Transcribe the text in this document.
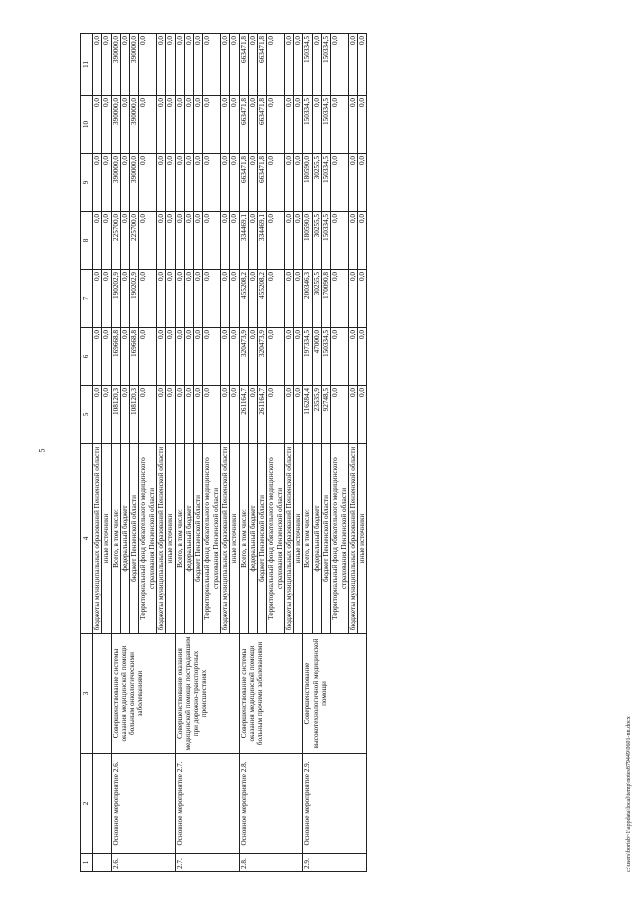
5
1	2	3	4	5	6	7	8	9	10	11
			бюджеты муниципальных образований Пензенской области	0,0	0,0	0,0	0,0	0,0	0,0	0,0
			иные источники	0,0	0,0	0,0	0,0	0,0	0,0	0,0
2.6.	Основное мероприятие 2.6.	Совершенствование системы оказания медицинской помощи больным онкологическими заболеваниями	Всего, в том числе:	108120,3	169668,8	190202,9	225700,0	390000,0	390000,0	390000,0
			федеральный бюджет	0,0	0,0	0,0	0,0	0,0	0,0	0,0
			бюджет Пензенской области	108120,3	169668,8	190202,9	225700,0	390000,0	390000,0	390000,0
			Территориальный фонд обязательного медицинского страхования Пензенской области	0,0	0,0	0,0	0,0	0,0	0,0	0,0
			бюджеты муниципальных образований Пензенской области	0,0	0,0	0,0	0,0	0,0	0,0	0,0
			иные источники	0,0	0,0	0,0	0,0	0,0	0,0	0,0
2.7.	Основное мероприятие 2.7.	Совершенствование оказания медицинской помощи пострадавшим при дорожно-транспортных происшествиях	Всего, в том числе:	0,0	0,0	0,0	0,0	0,0	0,0	0,0
			федеральный бюджет	0,0	0,0	0,0	0,0	0,0	0,0	0,0
			бюджет Пензенской области	0,0	0,0	0,0	0,0	0,0	0,0	0,0
			Территориальный фонд обязательного медицинского страхования Пензенской области	0,0	0,0	0,0	0,0	0,0	0,0	0,0
			бюджеты муниципальных образований Пензенской области	0,0	0,0	0,0	0,0	0,0	0,0	0,0
			иные источники	0,0	0,0	0,0	0,0	0,0	0,0	0,0
2.8.	Основное мероприятие 2.8.	Совершенствование системы оказания медицинской помощи больным прочими заболеваниями	Всего, в том числе:	261164,7	320473,9	455208,2	334469,1	663471,8	663471,8	663471,8
			федеральный бюджет	0,0	0,0	0,0	0,0	0,0	0,0	0,0
			бюджет Пензенской области	261164,7	320473,9	455208,2	334469,1	663471,8	663471,8	663471,8
			Территориальный фонд обязательного медицинского страхования Пензенской области	0,0	0,0	0,0	0,0	0,0	0,0	0,0
			бюджеты муниципальных образований Пензенской области	0,0	0,0	0,0	0,0	0,0	0,0	0,0
			иные источники	0,0	0,0	0,0	0,0	0,0	0,0	0,0
2.9.	Основное мероприятие 2.9.	Совершенствование высокотехнологичной медицинской помощи	Всего, в том числе:	116284,4	197334,5	200346,3	180590,0	180590,0	150334,5	150334,5
			федеральный бюджет	23535,9	47000,0	30255,5	30255,5	30255,5	0,0	0,0
			бюджет Пензенской области	92748,5	150334,5	170090,8	150334,5	150334,5	150334,5	150334,5
			Территориальный фонд обязательного медицинского страхования Пензенской области	0,0	0,0	0,0	0,0	0,0	0,0	0,0
			бюджеты муниципальных образований Пензенской области	0,0	0,0	0,0	0,0	0,0	0,0	0,0
			иные источники	0,0	0,0	0,0	0,0	0,0	0,0	0,0
c:\users\borisb~1\appdata\local\temp\notes879449\0601-nn.docx
